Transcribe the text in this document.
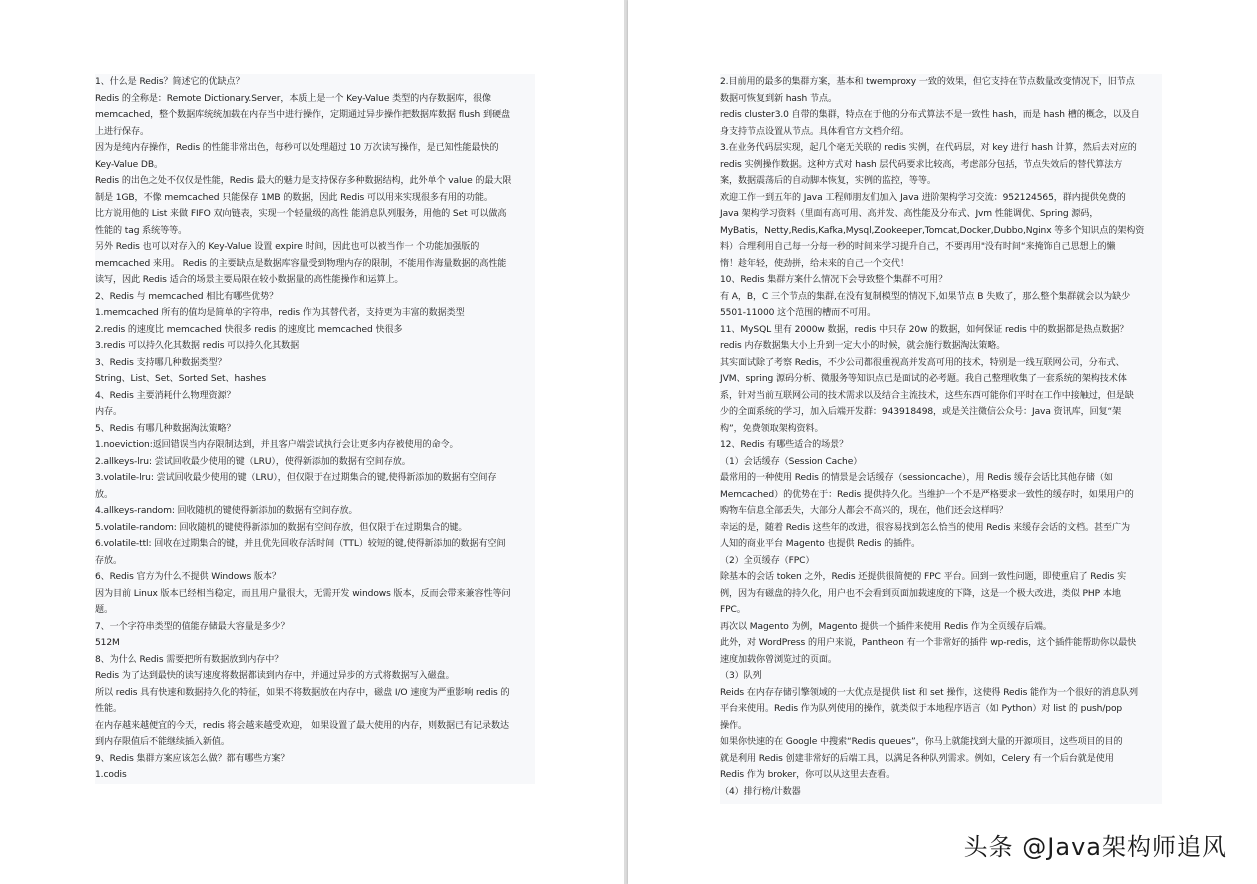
1、什么是 Redis？简述它的优缺点？

Redis 的全称是：Remote Dictionary.Server，本质上是一个 Key-Value 类型的内存数据库，很像

memcached，整个数据库统统加载在内存当中进行操作，定期通过异步操作把数据库数据 flush 到硬盘

上进行保存。

因为是纯内存操作，Redis 的性能非常出色，每秒可以处理超过 10 万次读写操作，是已知性能最快的

Key-Value DB。

Redis 的出色之处不仅仅是性能，Redis 最大的魅力是支持保存多种数据结构，此外单个 value 的最大限

制是 1GB，不像 memcached 只能保存 1MB 的数据，因此 Redis 可以用来实现很多有用的功能。

比方说用他的 List 来做 FIFO 双向链表，实现一个轻量级的高性 能消息队列服务，用他的 Set 可以做高

性能的 tag 系统等等。

另外 Redis 也可以对存入的 Key-Value 设置 expire 时间，因此也可以被当作一 个功能加强版的

memcached 来用。 Redis 的主要缺点是数据库容量受到物理内存的限制，不能用作海量数据的高性能

读写，因此 Redis 适合的场景主要局限在较小数据量的高性能操作和运算上。

2、Redis 与 memcached 相比有哪些优势？

1.memcached 所有的值均是简单的字符串，redis 作为其替代者，支持更为丰富的数据类型

2.redis 的速度比 memcached 快很多 redis 的速度比 memcached 快很多

3.redis 可以持久化其数据 redis 可以持久化其数据

3、Redis 支持哪几种数据类型？

String、List、Set、Sorted Set、hashes

4、Redis 主要消耗什么物理资源？

内存。

5、Redis 有哪几种数据淘汰策略？

1.noeviction:返回错误当内存限制达到，并且客户端尝试执行会让更多内存被使用的命令。

2.allkeys-lru: 尝试回收最少使用的键（LRU），使得新添加的数据有空间存放。

3.volatile-lru: 尝试回收最少使用的键（LRU），但仅限于在过期集合的键,使得新添加的数据有空间存

放。

4.allkeys-random: 回收随机的键使得新添加的数据有空间存放。

5.volatile-random: 回收随机的键使得新添加的数据有空间存放，但仅限于在过期集合的键。

6.volatile-ttl: 回收在过期集合的键，并且优先回收存活时间（TTL）较短的键,使得新添加的数据有空间

存放。

6、Redis 官方为什么不提供 Windows 版本？

因为目前 Linux 版本已经相当稳定，而且用户量很大，无需开发 windows 版本，反而会带来兼容性等问

题。

7、一个字符串类型的值能存储最大容量是多少？

512M

8、为什么 Redis 需要把所有数据放到内存中？

Redis 为了达到最快的读写速度将数据都读到内存中，并通过异步的方式将数据写入磁盘。

所以 redis 具有快速和数据持久化的特征，如果不将数据放在内存中，磁盘 I/O 速度为严重影响 redis 的

性能。

在内存越来越便宜的今天，redis 将会越来越受欢迎， 如果设置了最大使用的内存，则数据已有记录数达

到内存限值后不能继续插入新值。

9、Redis 集群方案应该怎么做？都有哪些方案？

1.codis

2.目前用的最多的集群方案，基本和 twemproxy 一致的效果，但它支持在节点数量改变情况下，旧节点

数据可恢复到新 hash 节点。

redis cluster3.0 自带的集群，特点在于他的分布式算法不是一致性 hash，而是 hash 槽的概念，以及自

身支持节点设置从节点。具体看官方文档介绍。

3.在业务代码层实现，起几个毫无关联的 redis 实例，在代码层，对 key 进行 hash 计算，然后去对应的

redis 实例操作数据。这种方式对 hash 层代码要求比较高，考虑部分包括，节点失效后的替代算法方

案，数据震荡后的自动脚本恢复，实例的监控，等等。

欢迎工作一到五年的 Java 工程师朋友们加入 Java 进阶架构学习交流：952124565，群内提供免费的

Java 架构学习资料（里面有高可用、高并发、高性能及分布式、Jvm 性能调优、Spring 源码，

MyBatis，Netty,Redis,Kafka,Mysql,Zookeeper,Tomcat,Docker,Dubbo,Nginx 等多个知识点的架构资

料）合理利用自己每一分每一秒的时间来学习提升自己，不要再用"没有时间“来掩饰自己思想上的懒

惰！趁年轻，使劲拼，给未来的自己一个交代！

10、Redis 集群方案什么情况下会导致整个集群不可用？

有 A，B，C 三个节点的集群,在没有复制模型的情况下,如果节点 B 失败了，那么整个集群就会以为缺少

5501-11000 这个范围的槽而不可用。

11、MySQL 里有 2000w 数据，redis 中只存 20w 的数据，如何保证 redis 中的数据都是热点数据？

redis 内存数据集大小上升到一定大小的时候，就会施行数据淘汰策略。

其实面试除了考察 Redis，不少公司都很重视高并发高可用的技术，特别是一线互联网公司，分布式、

JVM、spring 源码分析、微服务等知识点已是面试的必考题。我自己整理收集了一套系统的架构技术体

系，针对当前互联网公司的技术需求以及结合主流技术，这些东西可能你们平时在工作中接触过，但是缺

少的全面系统的学习，加入后端开发群：943918498，或是关注微信公众号：Java 资讯库，回复“架

构”，免费领取架构资料。

12、Redis 有哪些适合的场景？

（1）会话缓存（Session Cache）

最常用的一种使用 Redis 的情景是会话缓存（sessioncache），用 Redis 缓存会话比其他存储（如

Memcached）的优势在于：Redis 提供持久化。当维护一个不是严格要求一致性的缓存时，如果用户的

购物车信息全部丢失，大部分人都会不高兴的，现在，他们还会这样吗？

幸运的是，随着 Redis 这些年的改进，很容易找到怎么恰当的使用 Redis 来缓存会话的文档。甚至广为

人知的商业平台 Magento 也提供 Redis 的插件。

（2）全页缓存（FPC）

除基本的会话 token 之外，Redis 还提供很简便的 FPC 平台。回到一致性问题，即使重启了 Redis 实

例，因为有磁盘的持久化，用户也不会看到页面加载速度的下降，这是一个极大改进，类似 PHP 本地

FPC。

再次以 Magento 为例，Magento 提供一个插件来使用 Redis 作为全页缓存后端。

此外，对 WordPress 的用户来说，Pantheon 有一个非常好的插件 wp-redis，这个插件能帮助你以最快

速度加载你曾浏览过的页面。

（3）队列

Reids 在内存存储引擎领域的一大优点是提供 list 和 set 操作，这使得 Redis 能作为一个很好的消息队列

平台来使用。Redis 作为队列使用的操作，就类似于本地程序语言（如 Python）对 list 的 push/pop

操作。

如果你快速的在 Google 中搜索“Redis queues”，你马上就能找到大量的开源项目，这些项目的目的

就是利用 Redis 创建非常好的后端工具，以满足各种队列需求。例如，Celery 有一个后台就是使用

Redis 作为 broker，你可以从这里去查看。

（4）排行榜/计数器

头条 @Java架构师追风
